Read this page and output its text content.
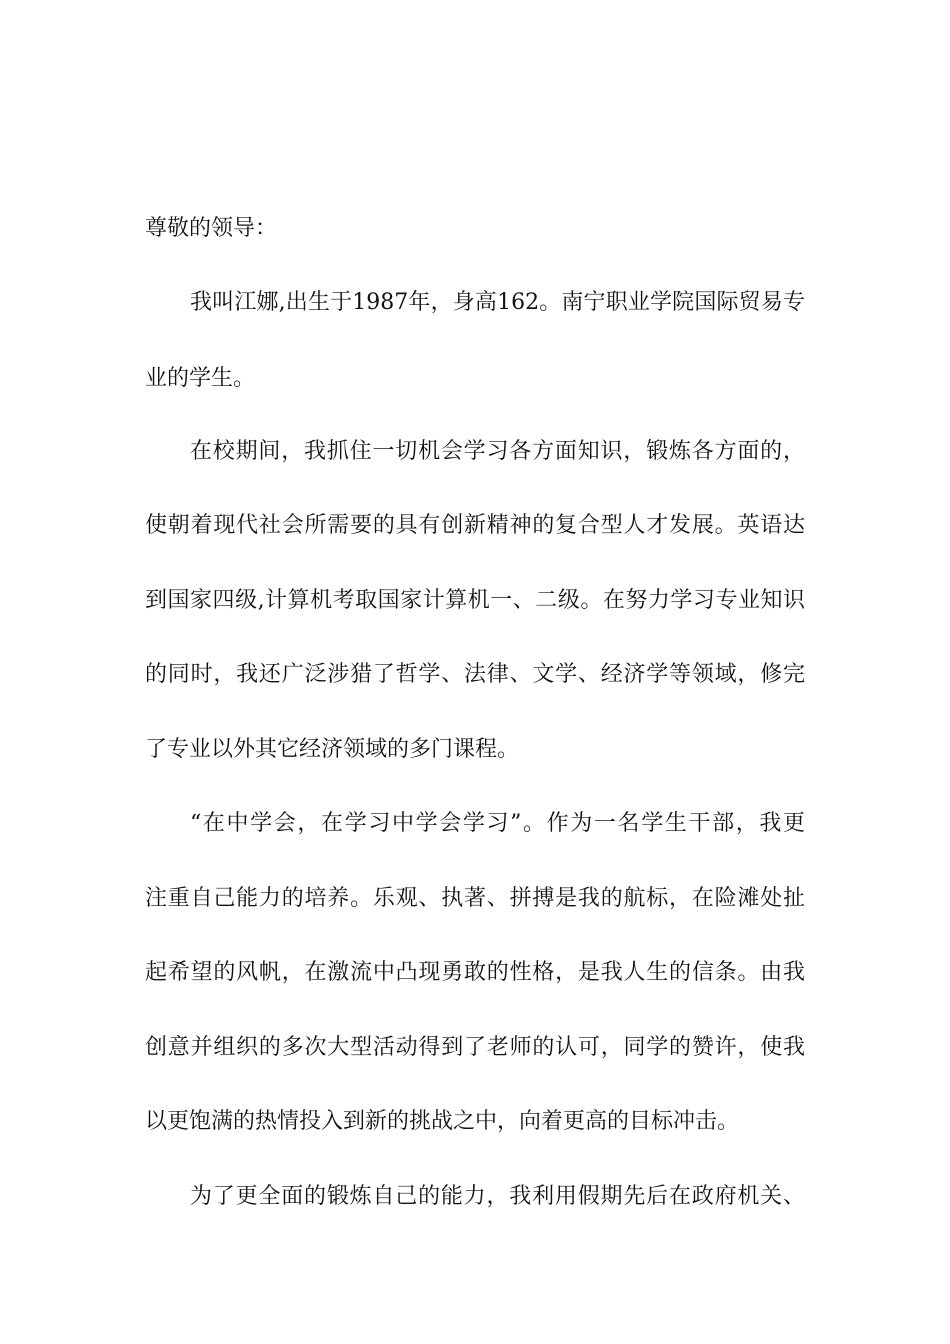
尊敬的领导：
我叫江娜,出生于1987年，身高162。南宁职业学院国际贸易专
业的学生。
在校期间，我抓住一切机会学习各方面知识，锻炼各方面的，
使朝着现代社会所需要的具有创新精神的复合型人才发展。英语达
到国家四级,计算机考取国家计算机一、二级。在努力学习专业知识
的同时，我还广泛涉猎了哲学、法律、文学、经济学等领域，修完
了专业以外其它经济领域的多门课程。
“在中学会，在学习中学会学习”。作为一名学生干部，我更
注重自己能力的培养。乐观、执著、拼搏是我的航标，在险滩处扯
起希望的风帆，在激流中凸现勇敢的性格，是我人生的信条。由我
创意并组织的多次大型活动得到了老师的认可，同学的赞许，使我
以更饱满的热情投入到新的挑战之中，向着更高的目标冲击。
为了更全面的锻炼自己的能力，我利用假期先后在政府机关、
